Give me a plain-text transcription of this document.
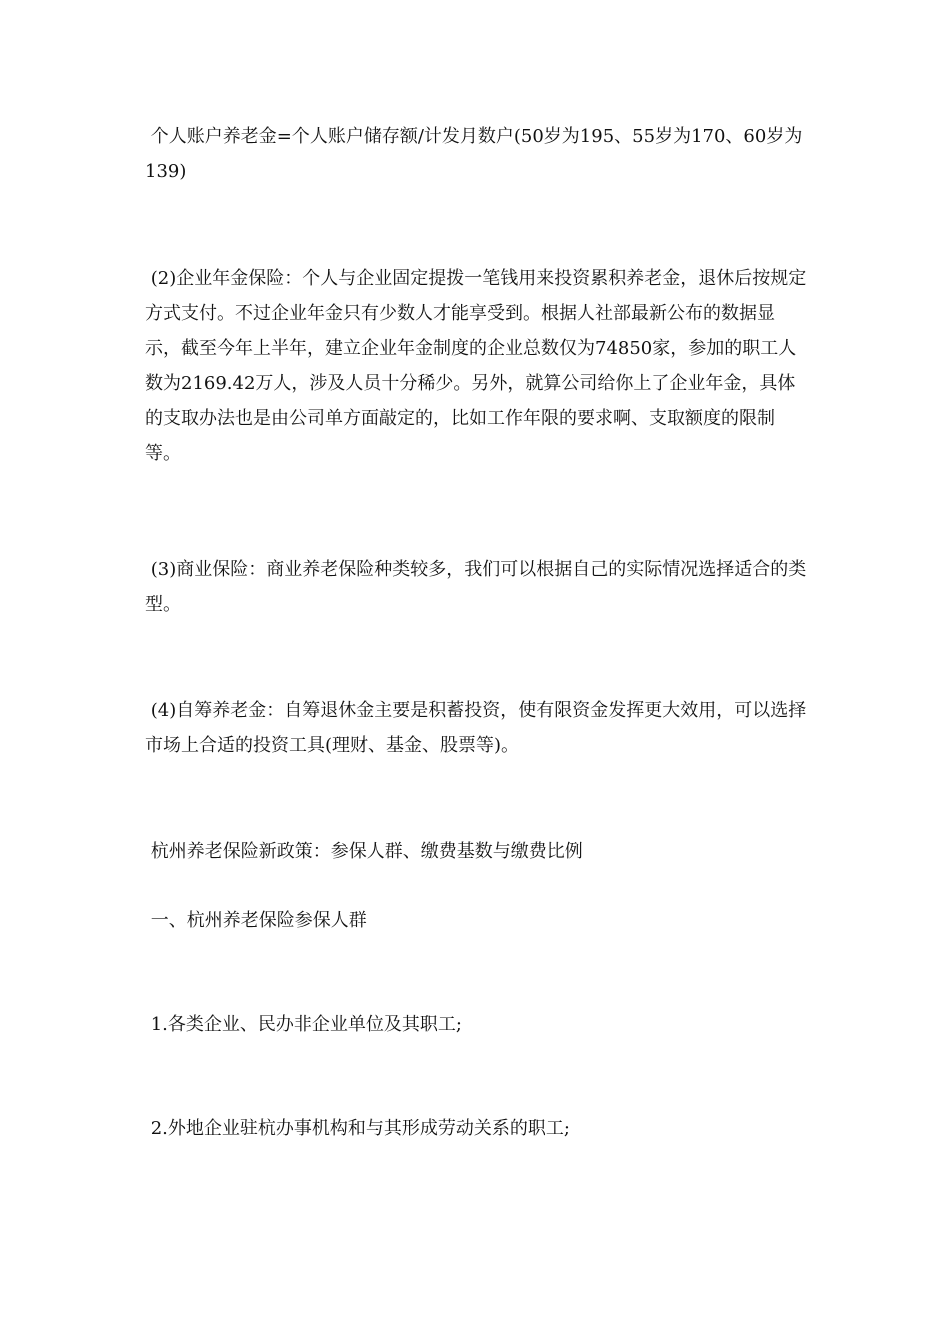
个人账户养老金=个人账户储存额/计发月数户(50岁为195、55岁为170、60岁为139)

(2)企业年金保险：个人与企业固定提拨一笔钱用来投资累积养老金，退休后按规定方式支付。不过企业年金只有少数人才能享受到。根据人社部最新公布的数据显示，截至今年上半年，建立企业年金制度的企业总数仅为74850家，参加的职工人数为2169.42万人，涉及人员十分稀少。另外，就算公司给你上了企业年金，具体的支取办法也是由公司单方面敲定的，比如工作年限的要求啊、支取额度的限制等。

(3)商业保险：商业养老保险种类较多，我们可以根据自己的实际情况选择适合的类型。

(4)自筹养老金：自筹退休金主要是积蓄投资，使有限资金发挥更大效用，可以选择市场上合适的投资工具(理财、基金、股票等)。

杭州养老保险新政策：参保人群、缴费基数与缴费比例

一、杭州养老保险参保人群

1.各类企业、民办非企业单位及其职工;

2.外地企业驻杭办事机构和与其形成劳动关系的职工;
